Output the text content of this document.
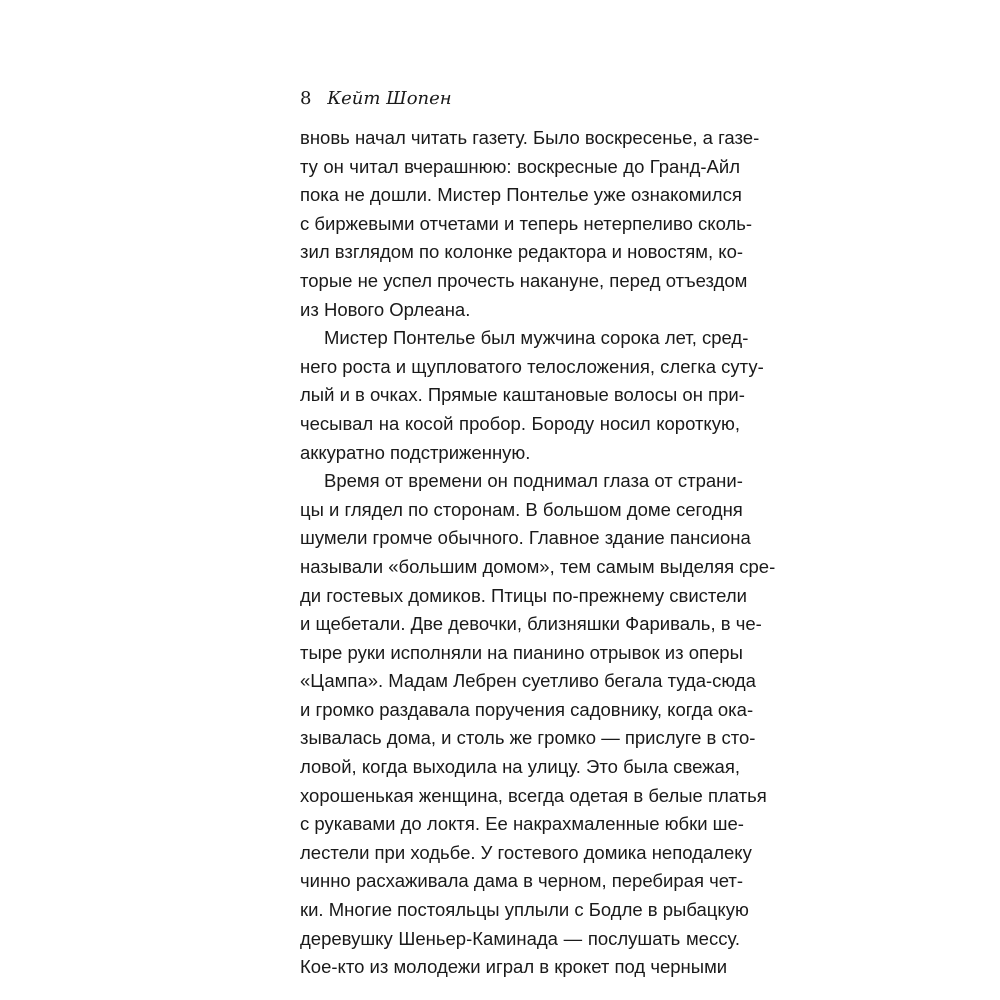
8 Кейт Шопен
вновь начал читать газету. Было воскресенье, а газе-
ту он читал вчерашнюю: воскресные до Гранд-Айл
пока не дошли. Мистер Понтелье уже ознакомился
с биржевыми отчетами и теперь нетерпеливо сколь-
зил взглядом по колонке редактора и новостям, ко-
торые не успел прочесть накануне, перед отъездом
из Нового Орлеана.
Мистер Понтелье был мужчина сорока лет, сред-
него роста и щупловатого телосложения, слегка суту-
лый и в очках. Прямые каштановые волосы он при-
чесывал на косой пробор. Бороду носил короткую,
аккуратно подстриженную.
Время от времени он поднимал глаза от страни-
цы и глядел по сторонам. В большом доме сегодня
шумели громче обычного. Главное здание пансиона
называли «большим домом», тем самым выделяя сре-
ди гостевых домиков. Птицы по-прежнему свистели
и щебетали. Две девочки, близняшки Фариваль, в че-
тыре руки исполняли на пианино отрывок из оперы
«Цампа». Мадам Лебрен суетливо бегала туда-сюда
и громко раздавала поручения садовнику, когда ока-
зывалась дома, и столь же громко — прислуге в сто-
ловой, когда выходила на улицу. Это была свежая,
хорошенькая женщина, всегда одетая в белые платья
с рукавами до локтя. Ее накрахмаленные юбки ше-
лестели при ходьбе. У гостевого домика неподалеку
чинно расхаживала дама в черном, перебирая чет-
ки. Многие постояльцы уплыли с Бодле в рыбацкую
деревушку Шеньер-Каминада — послушать мессу.
Кое-кто из молодежи играл в крокет под черными
